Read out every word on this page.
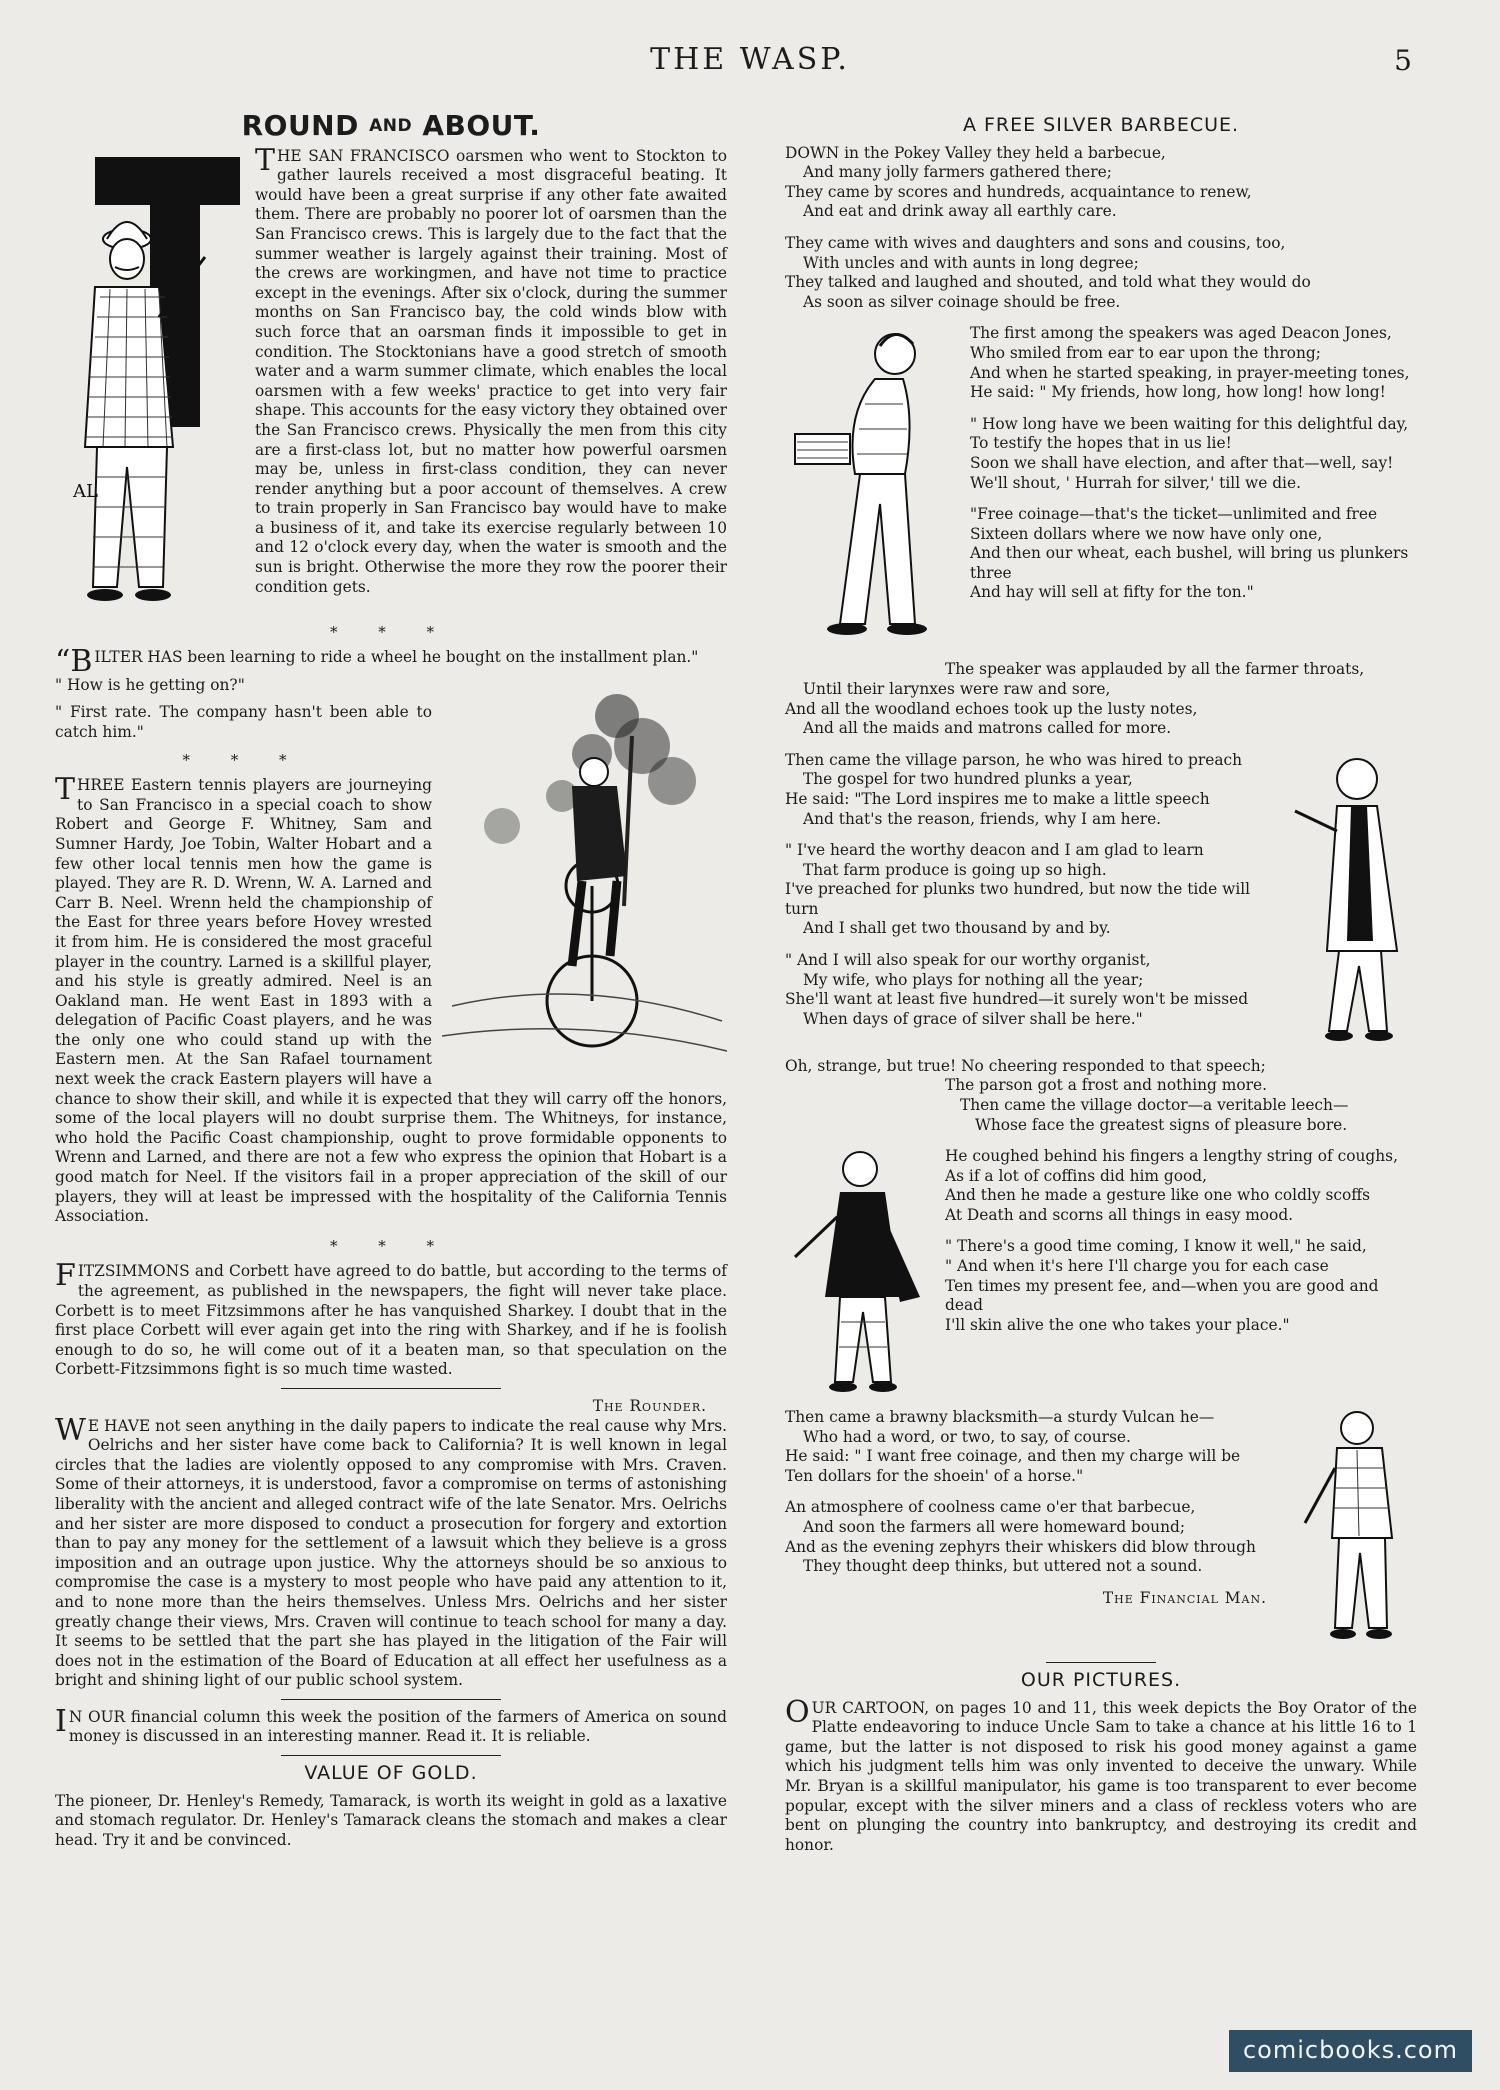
THE WASP.	5
ROUND AND ABOUT.
AL

THE SAN FRANCISCO oarsmen who went to Stockton to gather laurels received a most disgraceful beating. It would have been a great surprise if any other fate awaited them. There are probably no poorer lot of oarsmen than the San Francisco crews. This is largely due to the fact that the summer weather is largely against their training. Most of the crews are workingmen, and have not time to practice except in the evenings. After six o'clock, during the summer months on San Francisco bay, the cold winds blow with such force that an oarsman finds it impossible to get in condition. The Stocktonians have a good stretch of smooth water and a warm summer climate, which enables the local oarsmen with a few weeks' practice to get into very fair shape. This accounts for the easy victory they obtained over the San Francisco crews. Physically the men from this city are a first-class lot, but no matter how powerful oarsmen may be, unless in first-class condition, they can never render anything but a poor account of themselves. A crew to train properly in San Francisco bay would have to make a business of it, and take its exercise regularly between 10 and 12 o'clock every day, when the water is smooth and the sun is bright. Otherwise the more they row the poorer their condition gets.

* * *

“BILTER HAS been learning to ride a wheel he bought on the installment plan."

" How is he getting on?"

" First rate. The company hasn't been able to catch him."

* * *

THREE Eastern tennis players are journeying to San Francisco in a special coach to show Robert and George F. Whitney, Sam and Sumner Hardy, Joe Tobin, Walter Hobart and a few other local tennis men how the game is played. They are R. D. Wrenn, W. A. Larned and Carr B. Neel. Wrenn held the championship of the East for three years before Hovey wrested it from him. He is considered the most graceful player in the country. Larned is a skillful player, and his style is greatly admired. Neel is an Oakland man. He went East in 1893 with a delegation of Pacific Coast players, and he was the only one who could stand up with the Eastern men. At the San Rafael tournament next week the crack Eastern players will have a chance to show their skill, and while it is expected that they will carry off the honors, some of the local players will no doubt surprise them. The Whitneys, for instance, who hold the Pacific Coast championship, ought to prove formidable opponents to Wrenn and Larned, and there are not a few who express the opinion that Hobart is a good match for Neel. If the visitors fail in a proper appreciation of the skill of our players, they will at least be impressed with the hospitality of the California Tennis Association.

* * *

FITZSIMMONS and Corbett have agreed to do battle, but according to the terms of the agreement, as published in the newspapers, the fight will never take place. Corbett is to meet Fitzsimmons after he has vanquished Sharkey. I doubt that in the first place Corbett will ever again get into the ring with Sharkey, and if he is foolish enough to do so, he will come out of it a beaten man, so that speculation on the Corbett-Fitzsimmons fight is so much time wasted.

The Rounder.

W E HAVE not seen anything in the daily papers to indicate the real cause why Mrs. Oelrichs and her sister have come back to California? It is well known in legal circles that the ladies are violently opposed to any compromise with Mrs. Craven. Some of their attorneys, it is understood, favor a compromise on terms of astonishing liberality with the ancient and alleged contract wife of the late Senator. Mrs. Oelrichs and her sister are more disposed to conduct a prosecution for forgery and extortion than to pay any money for the settlement of a lawsuit which they believe is a gross imposition and an outrage upon justice. Why the attorneys should be so anxious to compromise the case is a mystery to most people who have paid any attention to it, and to none more than the heirs themselves. Unless Mrs. Oelrichs and her sister greatly change their views, Mrs. Craven will continue to teach school for many a day. It seems to be settled that the part she has played in the litigation of the Fair will does not in the estimation of the Board of Education at all effect her usefulness as a bright and shining light of our public school system.

I N OUR financial column this week the position of the farmers of America on sound money is discussed in an interesting manner. Read it. It is reliable.

VALUE OF GOLD.

The pioneer, Dr. Henley's Remedy, Tamarack, is worth its weight in gold as a laxative and stomach regulator. Dr. Henley's Tamarack cleans the stomach and makes a clear head. Try it and be convinced.

A FREE SILVER BARBECUE.

DOWN in the Pokey Valley they held a barbecue,

And many jolly farmers gathered there;

They came by scores and hundreds, acquaintance to renew,

And eat and drink away all earthly care.

They came with wives and daughters and sons and cousins, too,

With uncles and with aunts in long degree;

They talked and laughed and shouted, and told what they would do

As soon as silver coinage should be free.

The first among the speakers was aged Deacon Jones,

Who smiled from ear to ear upon the throng;

And when he started speaking, in prayer-meeting tones,

He said: " My friends, how long, how long! how long!

" How long have we been waiting for this delightful day,

To testify the hopes that in us lie!

Soon we shall have election, and after that—well, say!

We'll shout, ' Hurrah for silver,' till we die.

"Free coinage—that's the ticket—unlimited and free

Sixteen dollars where we now have only one,

And then our wheat, each bushel, will bring us plunkers three

And hay will sell at fifty for the ton."

The speaker was applauded by all the farmer throats,

Until their larynxes were raw and sore,

And all the woodland echoes took up the lusty notes,

And all the maids and matrons called for more.

Then came the village parson, he who was hired to preach

The gospel for two hundred plunks a year,

He said: "The Lord inspires me to make a little speech

And that's the reason, friends, why I am here.

" I've heard the worthy deacon and I am glad to learn

That farm produce is going up so high.

I've preached for plunks two hundred, but now the tide will turn

And I shall get two thousand by and by.

" And I will also speak for our worthy organist,

My wife, who plays for nothing all the year;

She'll want at least five hundred—it surely won't be missed

When days of grace of silver shall be here."

Oh, strange, but true! No cheering responded to that speech;

The parson got a frost and nothing more.

Then came the village doctor—a veritable leech—

Whose face the greatest signs of pleasure bore.

He coughed behind his fingers a lengthy string of coughs,

As if a lot of coffins did him good,

And then he made a gesture like one who coldly scoffs

At Death and scorns all things in easy mood.

" There's a good time coming, I know it well," he said,

" And when it's here I'll charge you for each case

Ten times my present fee, and—when you are good and dead

I'll skin alive the one who takes your place."

Then came a brawny blacksmith—a sturdy Vulcan he—

Who had a word, or two, to say, of course.

He said: " I want free coinage, and then my charge will be

Ten dollars for the shoein' of a horse."

An atmosphere of coolness came o'er that barbecue,

And soon the farmers all were homeward bound;

And as the evening zephyrs their whiskers did blow through

They thought deep thinks, but uttered not a sound.

The Financial Man.
OUR PICTURES.

OUR CARTOON, on pages 10 and 11, this week depicts the Boy Orator of the Platte endeavoring to induce Uncle Sam to take a chance at his little 16 to 1 game, but the latter is not disposed to risk his good money against a game which his judgment tells him was only invented to deceive the unwary. While Mr. Bryan is a skillful manipulator, his game is too transparent to ever become popular, except with the silver miners and a class of reckless voters who are bent on plunging the country into bankruptcy, and destroying its credit and honor.

comicbooks.com
